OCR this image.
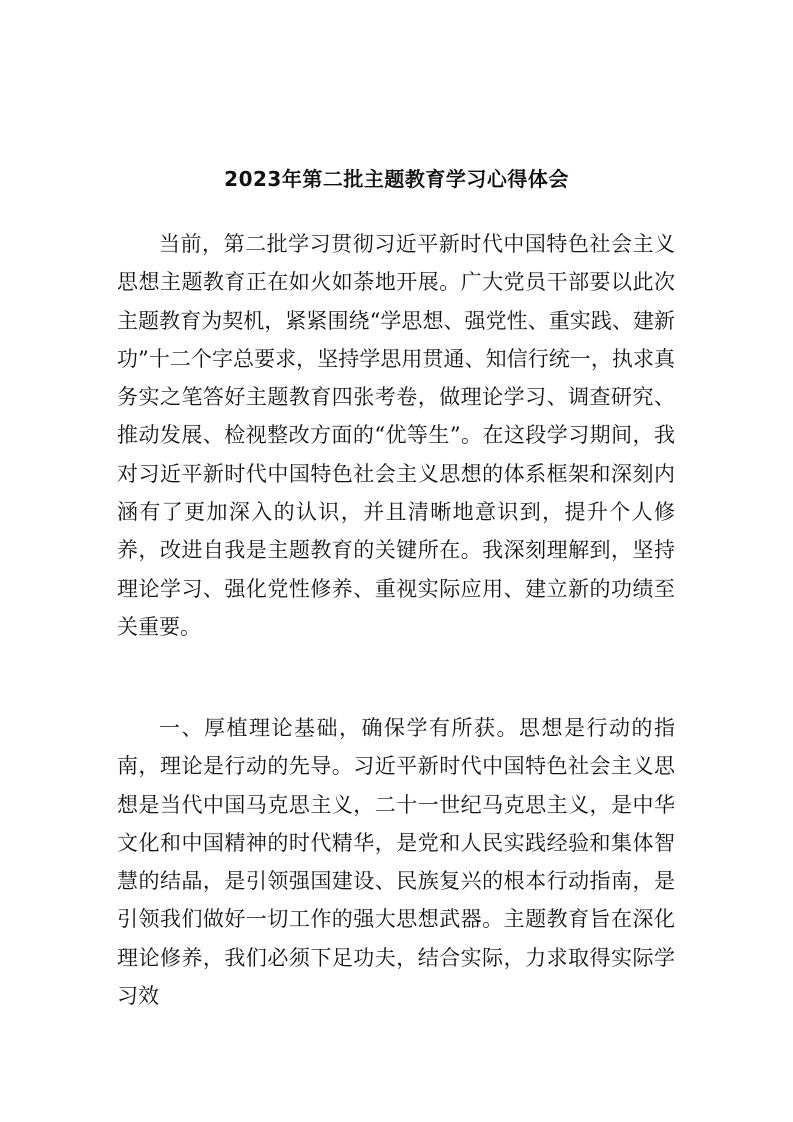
2023年第二批主题教育学习心得体会

当前，第二批学习贯彻习近平新时代中国特色社会主义思想主题教育正在如火如荼地开展。广大党员干部要以此次主题教育为契机，紧紧围绕“学思想、强党性、重实践、建新功”十二个字总要求，坚持学思用贯通、知信行统一，执求真务实之笔答好主题教育四张考卷，做理论学习、调查研究、推动发展、检视整改方面的“优等生”。在这段学习期间，我对习近平新时代中国特色社会主义思想的体系框架和深刻内涵有了更加深入的认识，并且清晰地意识到，提升个人修养，改进自我是主题教育的关键所在。我深刻理解到，坚持理论学习、强化党性修养、重视实际应用、建立新的功绩至关重要。

一、厚植理论基础，确保学有所获。思想是行动的指南，理论是行动的先导。习近平新时代中国特色社会主义思想是当代中国马克思主义，二十一世纪马克思主义，是中华文化和中国精神的时代精华，是党和人民实践经验和集体智慧的结晶，是引领强国建设、民族复兴的根本行动指南，是引领我们做好一切工作的强大思想武器。主题教育旨在深化理论修养，我们必须下足功夫，结合实际，力求取得实际学习效
